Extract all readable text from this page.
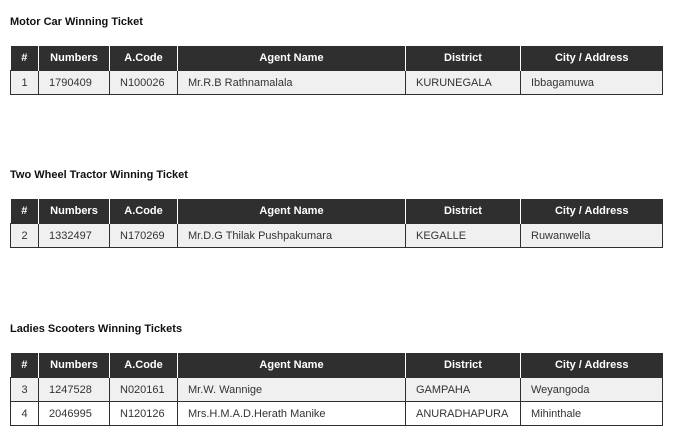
Motor Car Winning Ticket
#	Numbers	A.Code	Agent Name	District	City / Address
1	1790409	N100026	Mr.R.B Rathnamalala	KURUNEGALA	Ibbagamuwa
Two Wheel Tractor Winning Ticket
#	Numbers	A.Code	Agent Name	District	City / Address
2	1332497	N170269	Mr.D.G Thilak Pushpakumara	KEGALLE	Ruwanwella
Ladies Scooters Winning Tickets
#	Numbers	A.Code	Agent Name	District	City / Address
3	1247528	N020161	Mr.W. Wannige	GAMPAHA	Weyangoda
4	2046995	N120126	Mrs.H.M.A.D.Herath Manike	ANURADHAPURA	Mihinthale
